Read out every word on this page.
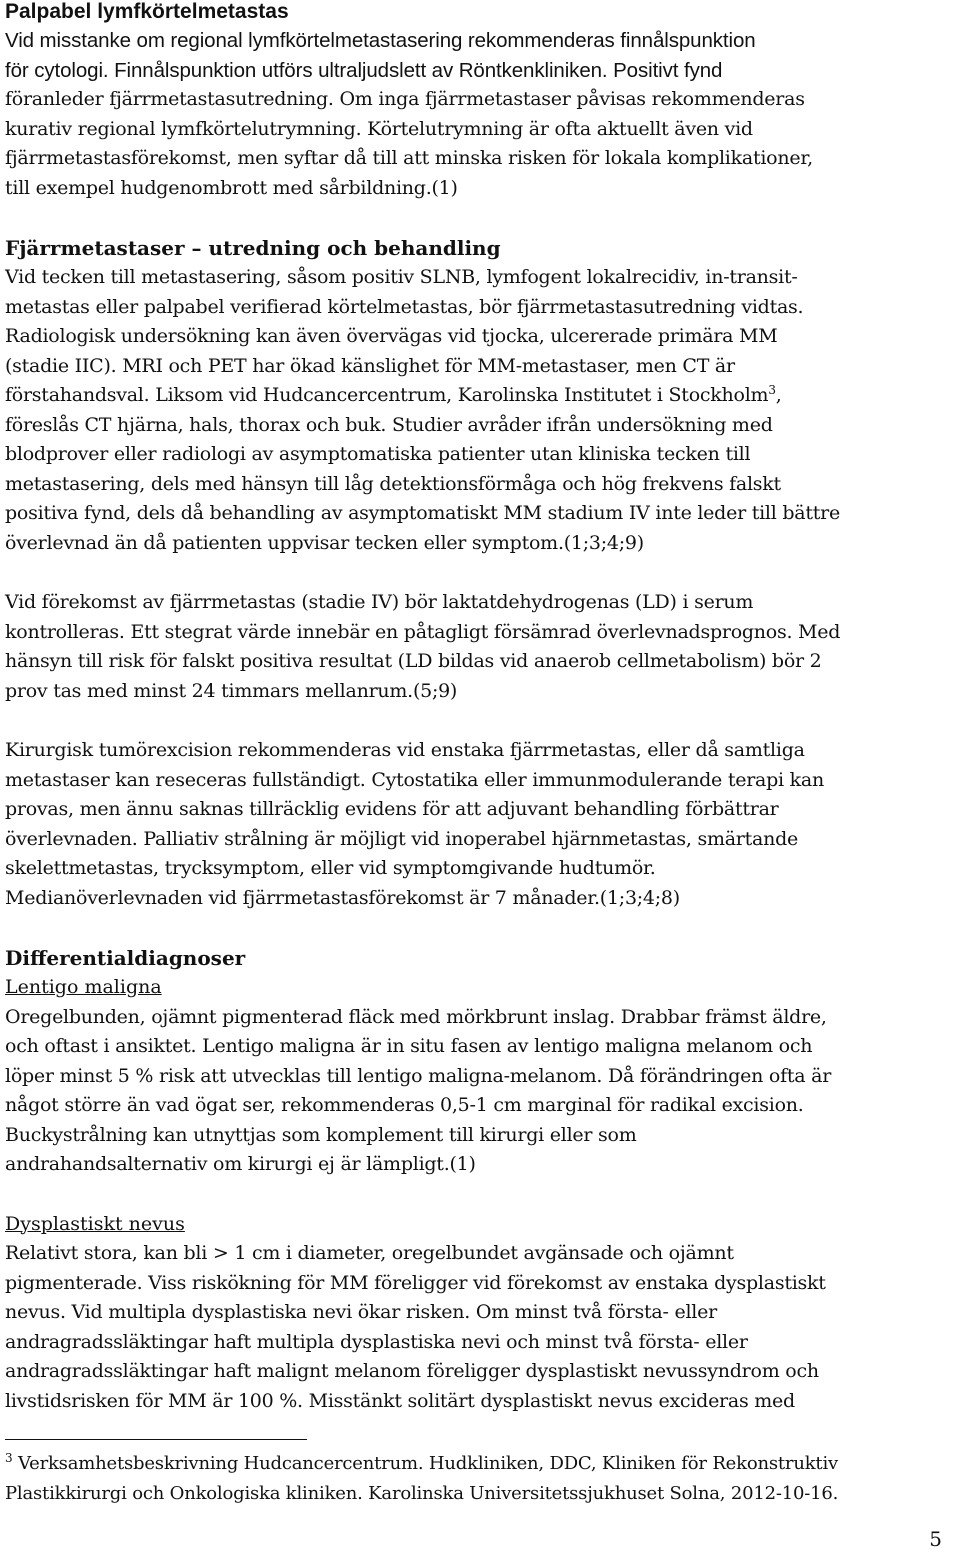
Palpabel lymfkörtelmetastas

Vid misstanke om regional lymfkörtelmetastasering rekommenderas finnålspunktion

för cytologi. Finnålspunktion utförs ultraljudslett av Röntkenkliniken. Positivt fynd

föranleder fjärrmetastasutredning. Om inga fjärrmetastaser påvisas rekommenderas

kurativ regional lymfkörtelutrymning. Körtelutrymning är ofta aktuellt även vid

fjärrmetastasförekomst, men syftar då till att minska risken för lokala komplikationer,

till exempel hudgenombrott med sårbildning.(1)

Fjärrmetastaser – utredning och behandling

Vid tecken till metastasering, såsom positiv SLNB, lymfogent lokalrecidiv, in-transit-

metastas eller palpabel verifierad körtelmetastas, bör fjärrmetastasutredning vidtas.

Radiologisk undersökning kan även övervägas vid tjocka, ulcererade primära MM

(stadie IIC). MRI och PET har ökad känslighet för MM-metastaser, men CT är

förstahandsval. Liksom vid Hudcancercentrum, Karolinska Institutet i Stockholm$^3$,

föreslås CT hjärna, hals, thorax och buk. Studier avråder ifrån undersökning med

blodprover eller radiologi av asymptomatiska patienter utan kliniska tecken till

metastasering, dels med hänsyn till låg detektionsförmåga och hög frekvens falskt

positiva fynd, dels då behandling av asymptomatiskt MM stadium IV inte leder till bättre

överlevnad än då patienten uppvisar tecken eller symptom.(1;3;4;9)

Vid förekomst av fjärrmetastas (stadie IV) bör laktatdehydrogenas (LD) i serum

kontrolleras. Ett stegrat värde innebär en påtagligt försämrad överlevnadsprognos. Med

hänsyn till risk för falskt positiva resultat (LD bildas vid anaerob cellmetabolism) bör 2

prov tas med minst 24 timmars mellanrum.(5;9)

Kirurgisk tumörexcision rekommenderas vid enstaka fjärrmetastas, eller då samtliga

metastaser kan reseceras fullständigt. Cytostatika eller immunmodulerande terapi kan

provas, men ännu saknas tillräcklig evidens för att adjuvant behandling förbättrar

överlevnaden. Palliativ strålning är möjligt vid inoperabel hjärnmetastas, smärtande

skelettmetastas, trycksymptom, eller vid symptomgivande hudtumör.

Medianöverlevnaden vid fjärrmetastasförekomst är 7 månader.(1;3;4;8)

Differentialdiagnoser

Lentigo maligna

Oregelbunden, ojämnt pigmenterad fläck med mörkbrunt inslag. Drabbar främst äldre,

och oftast i ansiktet. Lentigo maligna är in situ fasen av lentigo maligna melanom och

löper minst 5 % risk att utvecklas till lentigo maligna-melanom. Då förändringen ofta är

något större än vad ögat ser, rekommenderas 0,5-1 cm marginal för radikal excision.

Buckystrålning kan utnyttjas som komplement till kirurgi eller som

andrahandsalternativ om kirurgi ej är lämpligt.(1)

Dysplastiskt nevus

Relativt stora, kan bli > 1 cm i diameter, oregelbundet avgänsade och ojämnt

pigmenterade. Viss riskökning för MM föreligger vid förekomst av enstaka dysplastiskt

nevus. Vid multipla dysplastiska nevi ökar risken. Om minst två första- eller

andragradssläktingar haft multipla dysplastiska nevi och minst två första- eller

andragradssläktingar haft malignt melanom föreligger dysplastiskt nevussyndrom och

livstidsrisken för MM är 100 %. Misstänkt solitärt dysplastiskt nevus excideras med

$^3$ Verksamhetsbeskrivning Hudcancercentrum. Hudkliniken, DDC, Kliniken för Rekonstruktiv
Plastikkirurgi och Onkologiska kliniken. Karolinska Universitetssjukhuset Solna, 2012-10-16.
5
